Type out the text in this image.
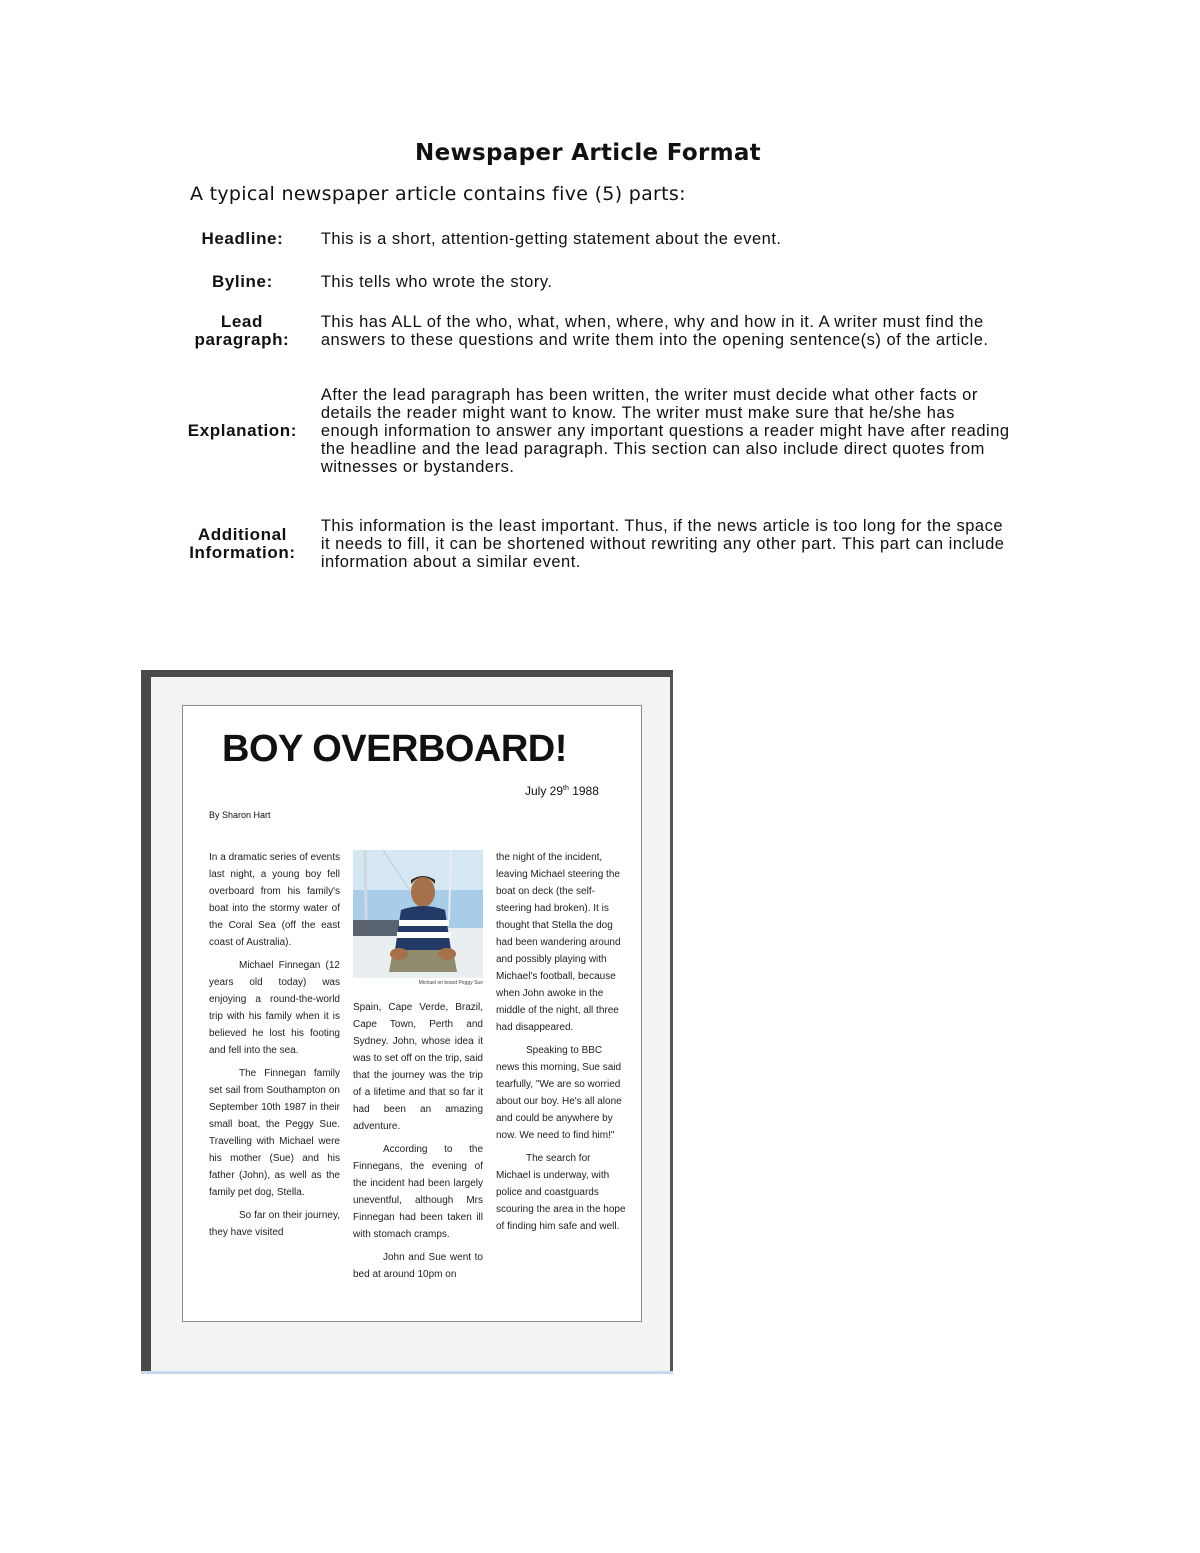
Newspaper Article Format
A typical newspaper article contains five (5) parts:
Headline:	This is a short, attention-getting statement about the event.
Byline:	This tells who wrote the story.
Lead paragraph:
This has ALL of the who, what, when, where, why and how in it. A writer must find the answers to these questions and write them into the opening sentence(s) of the article.
Explanation:
After the lead paragraph has been written, the writer must decide what other facts or details the reader might want to know. The writer must make sure that he/she has enough information to answer any important questions a reader might have after reading the headline and the lead paragraph. This section can also include direct quotes from witnesses or bystanders.
Additional Information:
This information is the least important. Thus, if the news article is too long for the space it needs to fill, it can be shortened without rewriting any other part. This part can include information about a similar event.
BOY OVERBOARD!
July 29th 1988
By Sharon Hart

In a dramatic series of events last night, a young boy fell overboard from his family's boat into the stormy water of the Coral Sea (off the east coast of Australia).

Michael Finnegan (12 years old today) was enjoying a round-the-world trip with his family when it is believed he lost his footing and fell into the sea.

The Finnegan family set sail from Southampton on September 10th 1987 in their small boat, the Peggy Sue. Travelling with Michael were his mother (Sue) and his father (John), as well as the family pet dog, Stella.

So far on their journey, they have visited

Michael on board Peggy Sue

Spain, Cape Verde, Brazil, Cape Town, Perth and Sydney. John, whose idea it was to set off on the trip, said that the journey was the trip of a lifetime and that so far it had been an amazing adventure.

According to the Finnegans, the evening of the incident had been largely uneventful, although Mrs Finnegan had been taken ill with stomach cramps.

John and Sue went to bed at around 10pm on

the night of the incident, leaving Michael steering the boat on deck (the self-steering had broken). It is thought that Stella the dog had been wandering around and possibly playing with Michael's football, because when John awoke in the middle of the night, all three had disappeared.

Speaking to BBC news this morning, Sue said tearfully, "We are so worried about our boy. He's all alone and could be anywhere by now. We need to find him!"

The search for Michael is underway, with police and coastguards scouring the area in the hope of finding him safe and well.
